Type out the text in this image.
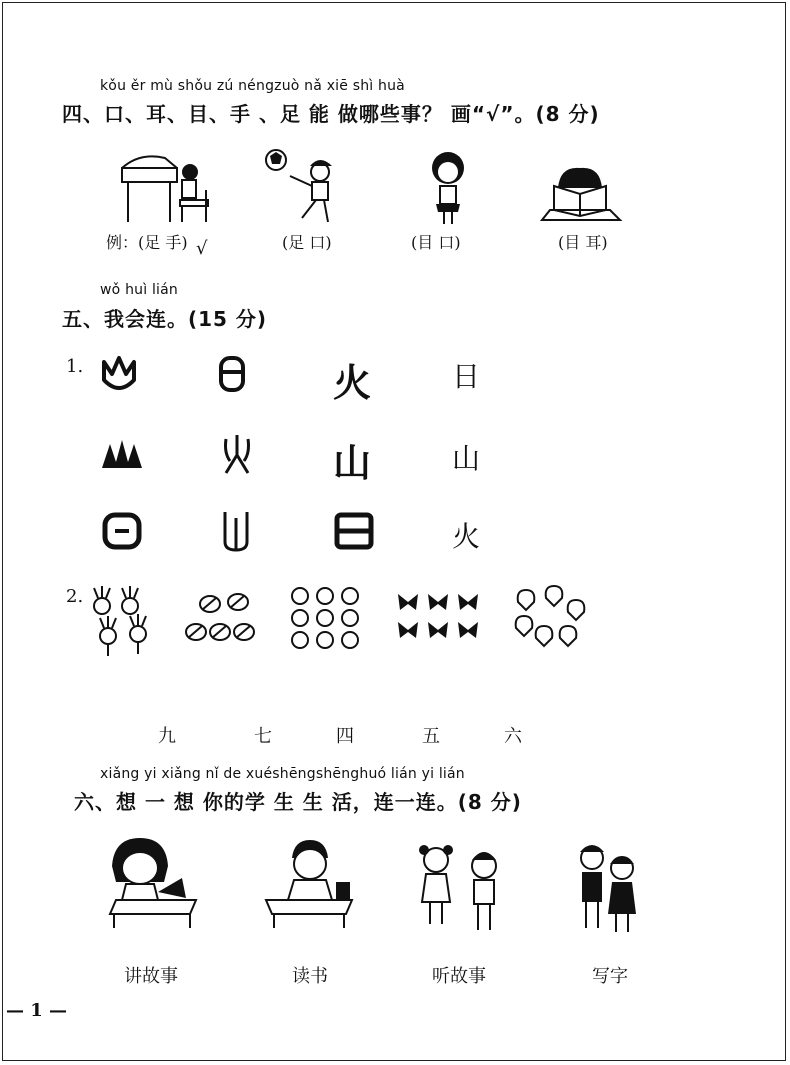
kǒu ěr mù shǒu zú néngzuò nǎ xiē shì huà
四、口、耳、目、手 、足 能 做哪些事？ 画“√”。(8 分)
例：(足 手) √	(足 口)	(目 口)	(目 耳)
wǒ huì lián
五、我会连。(15 分)
1.	火	日
山	山
火
2.
九	七	四	五	六
xiǎng yi xiǎng nǐ de xuéshēngshēnghuó lián yi lián
六、想 一 想 你的学 生 生 活，连一连。(8 分)
讲故事	读书	听故事	写字
— 1 —
